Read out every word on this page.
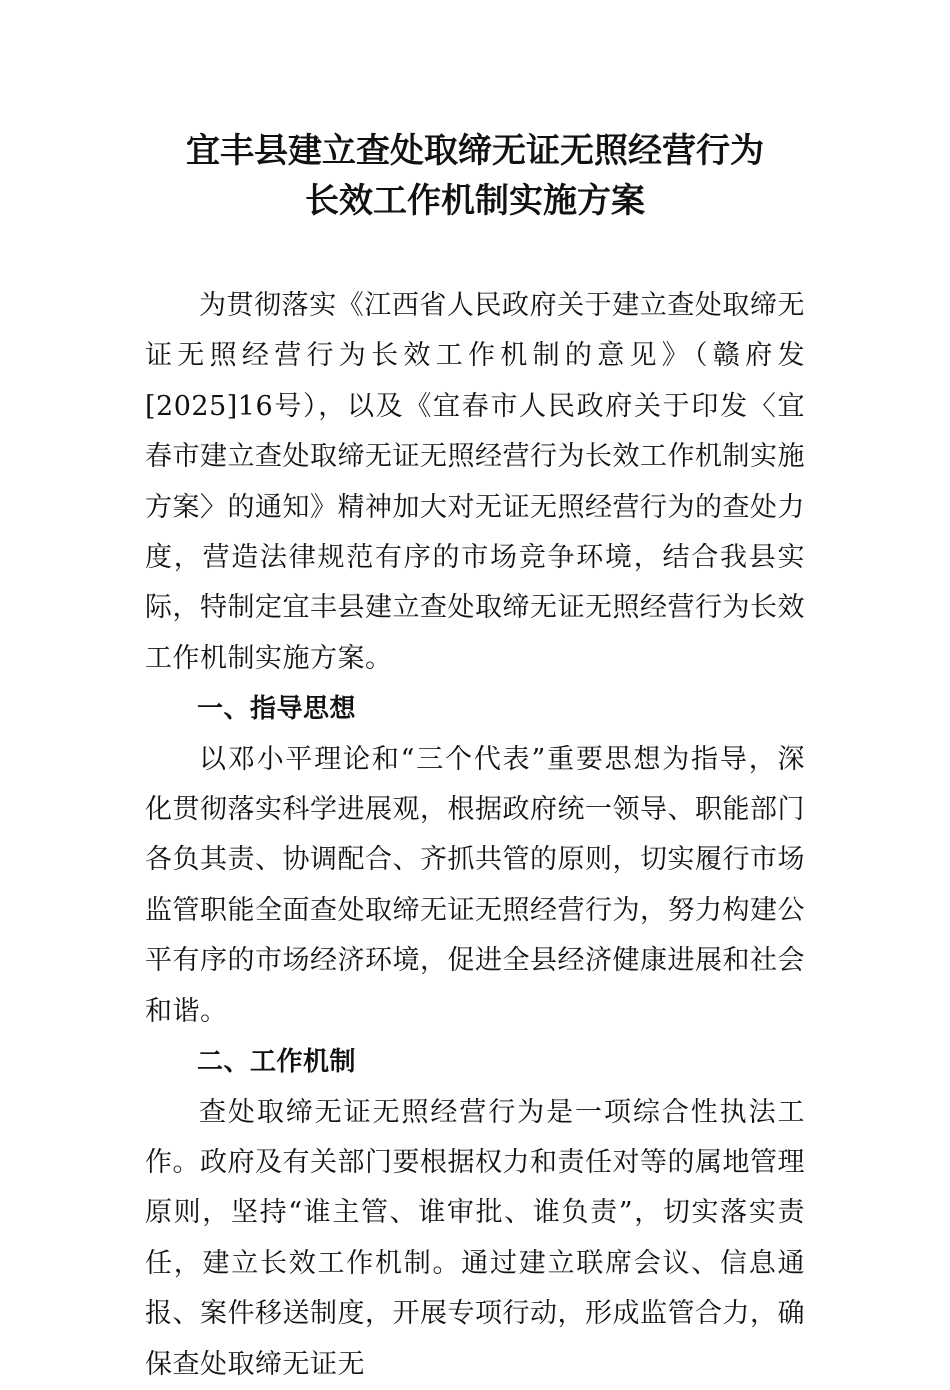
宜丰县建立查处取缔无证无照经营行为
长效工作机制实施方案

为贯彻落实《江西省人民政府关于建立查处取缔无证无照经营行为长效工作机制的意见》（赣府发[2025]16号），以及《宜春市人民政府关于印发〈宜春市建立查处取缔无证无照经营行为长效工作机制实施方案〉的通知》精神加大对无证无照经营行为的查处力度，营造法律规范有序的市场竞争环境，结合我县实际，特制定宜丰县建立查处取缔无证无照经营行为长效工作机制实施方案。

一、指导思想

以邓小平理论和“三个代表”重要思想为指导，深化贯彻落实科学进展观，根据政府统一领导、职能部门各负其责、协调配合、齐抓共管的原则，切实履行市场监管职能全面查处取缔无证无照经营行为，努力构建公平有序的市场经济环境，促进全县经济健康进展和社会和谐。

二、工作机制

查处取缔无证无照经营行为是一项综合性执法工作。政府及有关部门要根据权力和责任对等的属地管理原则，坚持“谁主管、谁审批、谁负责”，切实落实责任，建立长效工作机制。通过建立联席会议、信息通报、案件移送制度，开展专项行动，形成监管合力，确保查处取缔无证无
